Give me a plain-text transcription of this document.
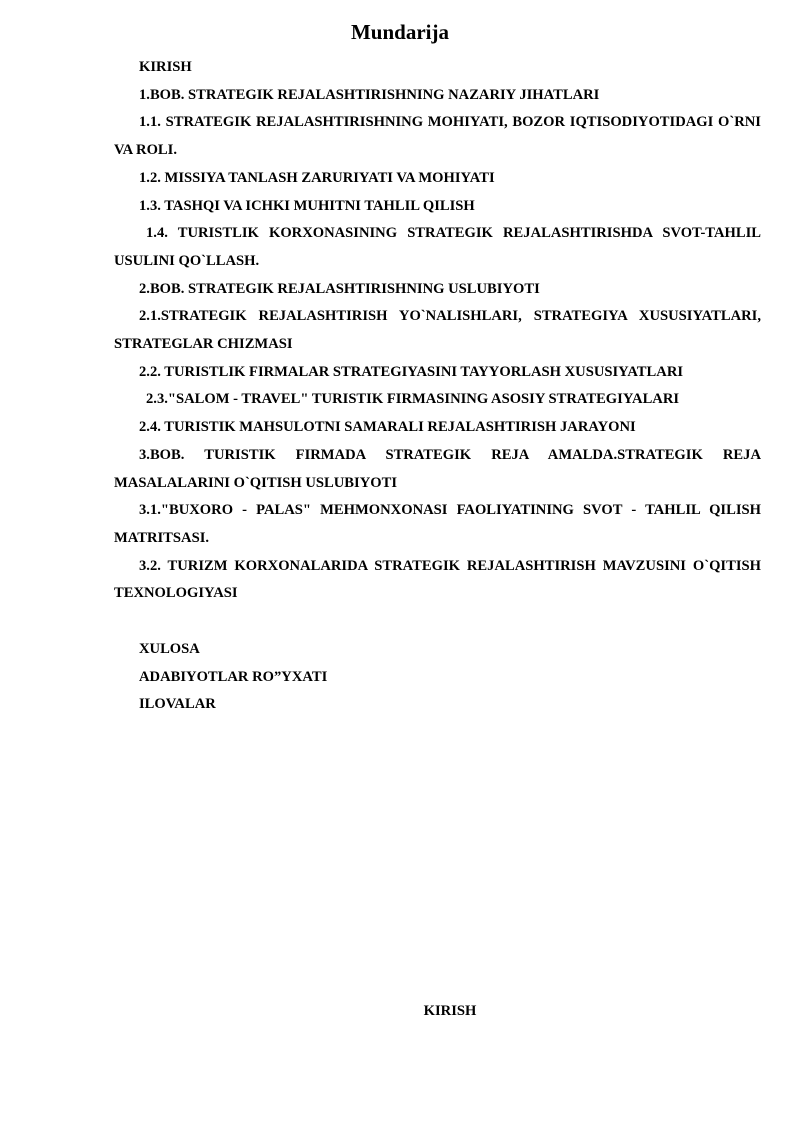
Mundarija

KIRISH

1.BOB. STRATEGIK REJALASHTIRISHNING NAZARIY JIHATLARI

1.1. STRATEGIK REJALASHTIRISHNING MOHIYATI, BOZOR IQTISODIYOTIDAGI O`RNI VA ROLI.

1.2. MISSIYA TANLASH ZARURIYATI VA MOHIYATI

1.3. TASHQI VA ICHKI MUHITNI TAHLIL QILISH

1.4. TURISTLIK KORXONASINING STRATEGIK REJALASHTIRISHDA SVOT-TAHLIL USULINI QO`LLASH.

2.BOB. STRATEGIK REJALASHTIRISHNING USLUBIYOTI

2.1.STRATEGIK REJALASHTIRISH YO`NALISHLARI, STRATEGIYA XUSUSIYATLARI, STRATEGLAR CHIZMASI

2.2. TURISTLIK FIRMALAR STRATEGIYASINI TAYYORLASH XUSUSIYATLARI

2.3."SALOM - TRAVEL" TURISTIK FIRMASINING ASOSIY STRATEGIYALARI

2.4. TURISTIK MAHSULOTNI SAMARALI REJALASHTIRISH JARAYONI

3.BOB. TURISTIK FIRMADA STRATEGIK REJA AMALDA.STRATEGIK REJA MASALALARINI O`QITISH USLUBIYOTI

3.1."BUXORO - PALAS" MEHMONXONASI FAOLIYATINING SVOT - TAHLIL QILISH MATRITSASI.

3.2. TURIZM KORXONALARIDA STRATEGIK REJALASHTIRISH MAVZUSINI O`QITISH TEXNOLOGIYASI

XULOSA

ADABIYOTLAR RO”YXATI

ILOVALAR

KIRISH
